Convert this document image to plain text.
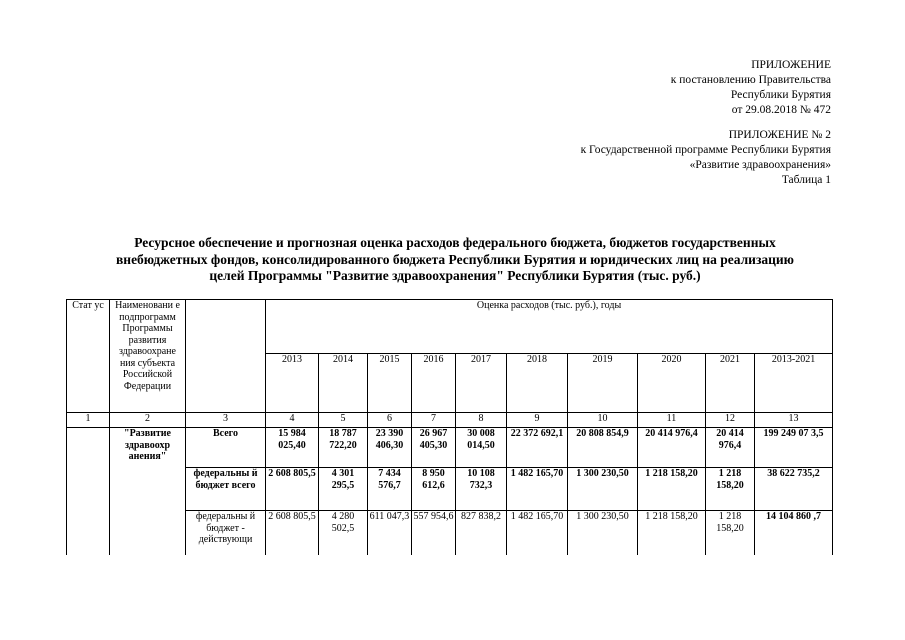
ПРИЛОЖЕНИЕ
к постановлению Правительства
Республики Бурятия
от 29.08.2018 № 472
ПРИЛОЖЕНИЕ № 2
к Государственной программе Республики Бурятия
«Развитие здравоохранения»
Таблица 1
Ресурсное обеспечение и прогнозная оценка расходов федерального бюджета, бюджетов государственных
внебюджетных фондов, консолидированного бюджета Республики Бурятия и юридических лиц на реализацию
целей Программы "Развитие здравоохранения" Республики Бурятия (тыс. руб.)
Стат ус	Наименовани е подпрограмм Программы развития здравоохране ния субъекта Российской Федерации		Оценка расходов (тыс. руб.), годы									
			2013	2014	2015	2016	2017	2018	2019	2020	2021	2013-2021
1	2	3	4	5	6	7	8	9	10	11	12	13
	"Развитие здравоохр анения"	Всего	15 984 025,40	18 787 722,20	23 390 406,30	26 967 405,30	30 008 014,50	22 372 692,1	20 808 854,9	20 414 976,4	20 414 976,4	199 249 07 3,5
		федеральны й бюджет всего	2 608 805,5	4 301 295,5	7 434 576,7	8 950 612,6	10 108 732,3	1 482 165,70	1 300 230,50	1 218 158,20	1 218 158,20	38 622 735,2
		федеральны й бюджет - действующи	2 608 805,5	4 280 502,5	611 047,3	557 954,6	827 838,2	1 482 165,70	1 300 230,50	1 218 158,20	1 218 158,20	14 104 860 ,7
